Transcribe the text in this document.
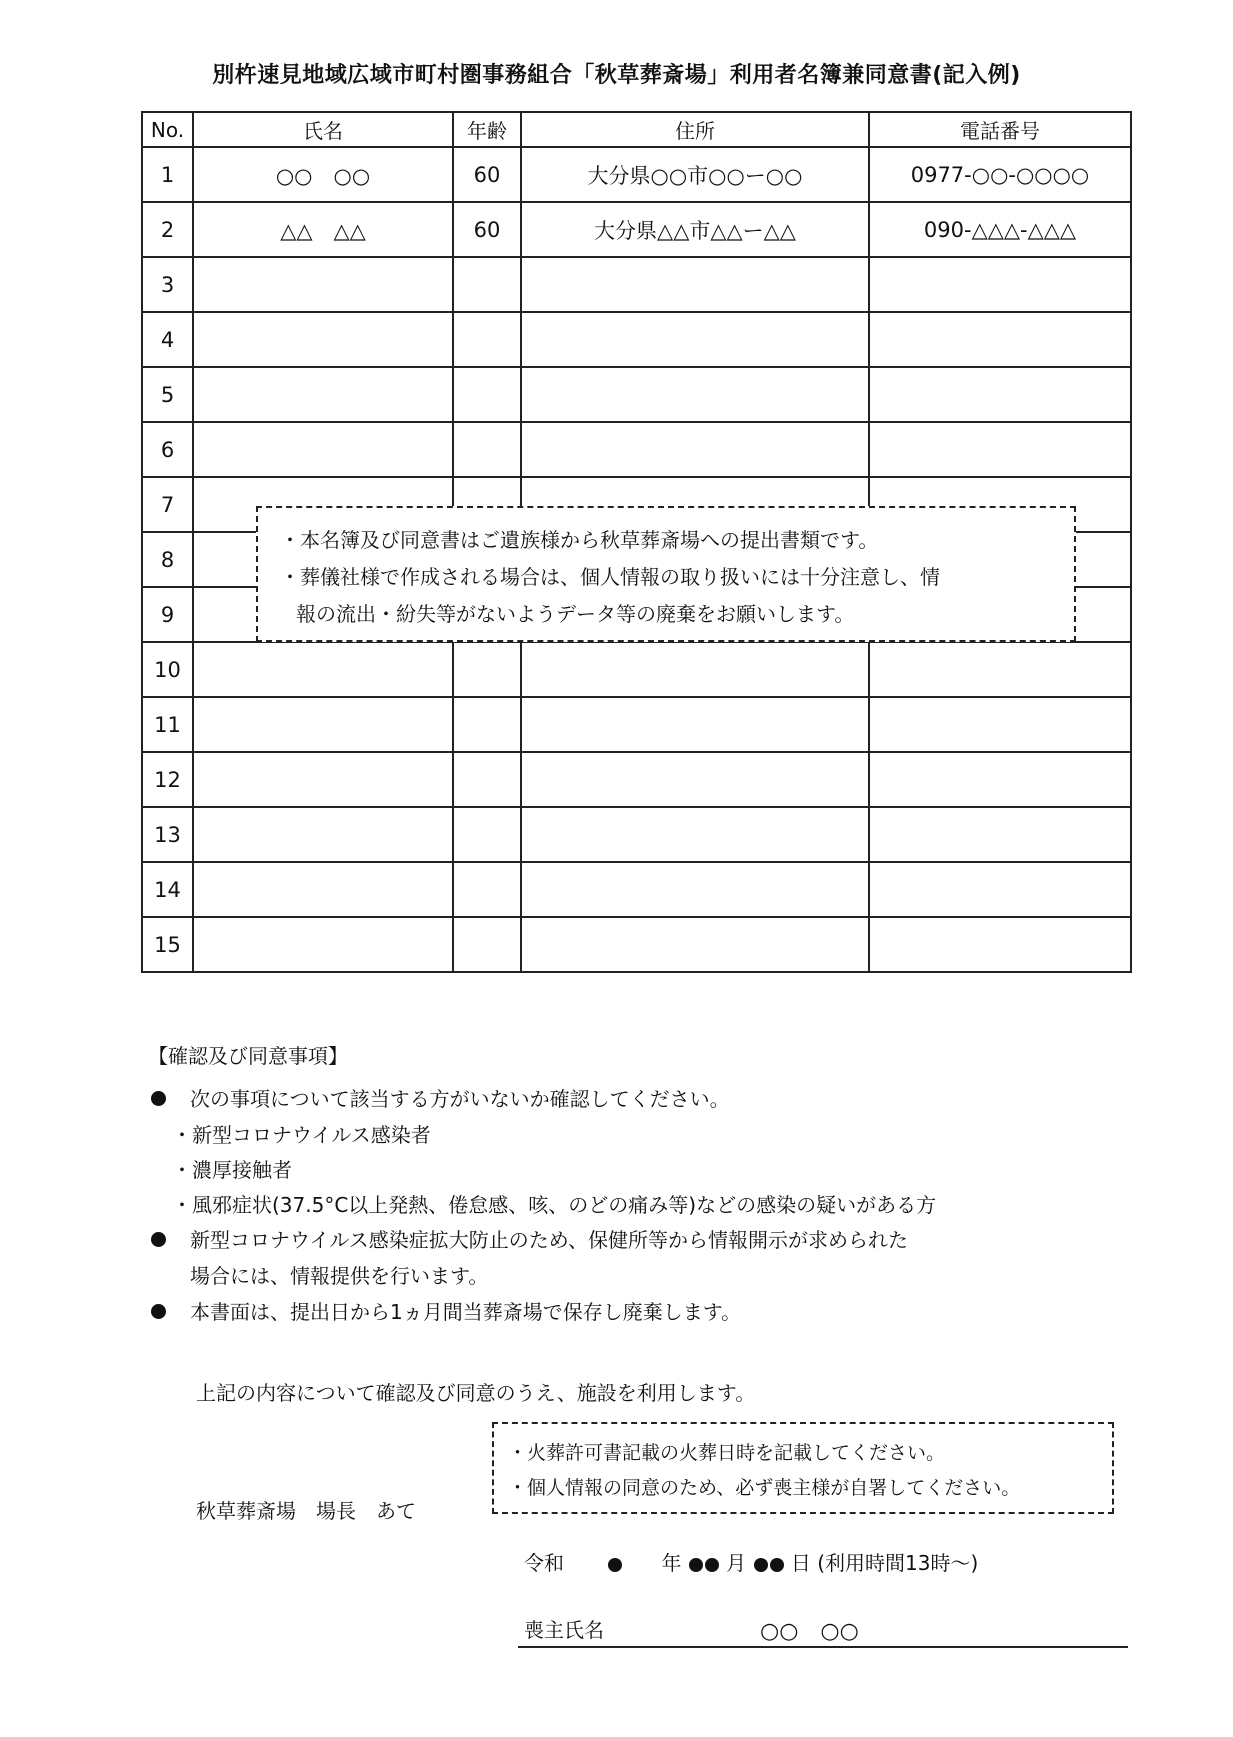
別杵速見地域広域市町村圏事務組合「秋草葬斎場」利用者名簿兼同意書(記入例)
No.	氏名	年齢	住所	電話番号
1	○○　○○	60	大分県○○市○○ー○○	0977-○○-○○○○
2	△△　△△	60	大分県△△市△△ー△△	090-△△△-△△△
3				
4				
5				
6				
7				
8				
9				
10				
11				
12				
13				
14				
15				
・本名簿及び同意書はご遺族様から秋草葬斎場への提出書類です。
・葬儀社様で作成される場合は、個人情報の取り扱いには十分注意し、情
報の流出・紛失等がないようデータ等の廃棄をお願いします。
【確認及び同意事項】
次の事項について該当する方がいないか確認してください。
・新型コロナウイルス感染者
・濃厚接触者
・風邪症状(37.5°C以上発熱、倦怠感、咳、のどの痛み等)などの感染の疑いがある方
新型コロナウイルス感染症拡大防止のため、保健所等から情報開示が求められた
場合には、情報提供を行います。
本書面は、提出日から1ヵ月間当葬斎場で保存し廃棄します。
上記の内容について確認及び同意のうえ、施設を利用します。
・火葬許可書記載の火葬日時を記載してください。
・個人情報の同意のため、必ず喪主様が自署してください。
秋草葬斎場　場長　あて
令和	年 月 日 (利用時間13時～)
喪主氏名	○○　○○
